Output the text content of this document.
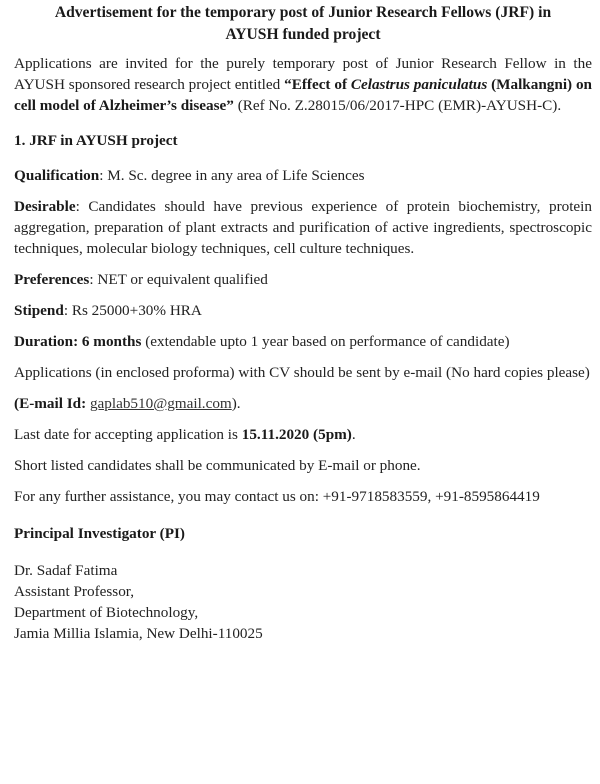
Advertisement for the temporary post of Junior Research Fellows (JRF) in
AYUSH funded project

Applications are invited for the purely temporary post of Junior Research Fellow in the AYUSH sponsored research project entitled “Effect of Celastrus paniculatus (Malkangni) on cell model of Alzheimer’s disease” (Ref No. Z.28015/06/2017-HPC (EMR)-AYUSH-C).

1. JRF in AYUSH project

Qualification: M. Sc. degree in any area of Life Sciences

Desirable: Candidates should have previous experience of protein biochemistry, protein aggregation, preparation of plant extracts and purification of active ingredients, spectroscopic techniques, molecular biology techniques, cell culture techniques.

Preferences: NET or equivalent qualified

Stipend: Rs 25000+30% HRA

Duration: 6 months (extendable upto 1 year based on performance of candidate)

Applications (in enclosed proforma) with CV should be sent by e-mail (No hard copies please)

(E-mail Id: gaplab510@gmail.com).

Last date for accepting application is 15.11.2020 (5pm).

Short listed candidates shall be communicated by E-mail or phone.

For any further assistance, you may contact us on: +91-9718583559, +91-8595864419

Principal Investigator (PI)
Dr. Sadaf Fatima
Assistant Professor,
Department of Biotechnology,
Jamia Millia Islamia, New Delhi-110025
